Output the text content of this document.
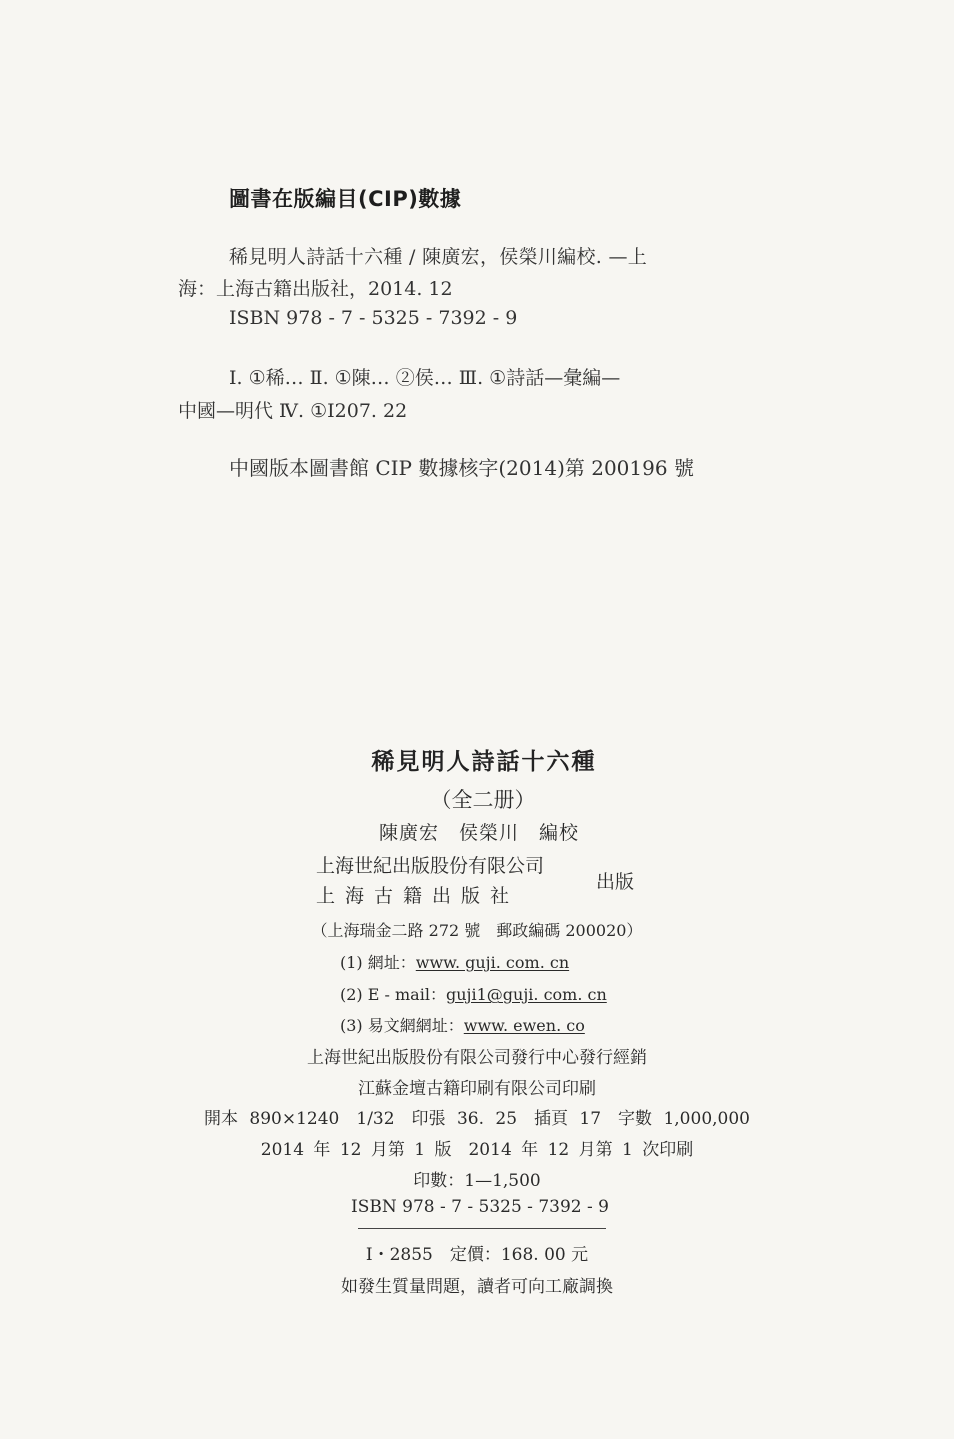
圖書在版編目(CIP)數據
稀見明人詩話十六種 / 陳廣宏，侯榮川編校. —上
海：上海古籍出版社，2014. 12
ISBN 978 - 7 - 5325 - 7392 - 9
Ⅰ. ①稀… Ⅱ. ①陳… ②侯… Ⅲ. ①詩話—彙編—
中國—明代 Ⅳ. ①I207. 22
中國版本圖書館 CIP 數據核字(2014)第 200196 號
稀見明人詩話十六種
（全二册）
陳廣宏　侯榮川　編校
上海世紀出版股份有限公司
上海古籍出版社
出版
（上海瑞金二路 272 號　郵政編碼 200020）
(1) 網址：www. guji. com. cn
(2) E - mail：guji1@guji. com. cn
(3) 易文網網址：www. ewen. co
上海世紀出版股份有限公司發行中心發行經銷
江蘇金壇古籍印刷有限公司印刷
開本 890×1240　1/32　印張 36. 25　插頁 17　字數 1,000,000
2014 年 12 月第 1 版　2014 年 12 月第 1 次印刷
印數：1—1,500
ISBN 978 - 7 - 5325 - 7392 - 9
I・2855　定價：168. 00 元
如發生質量問題，讀者可向工廠調換
